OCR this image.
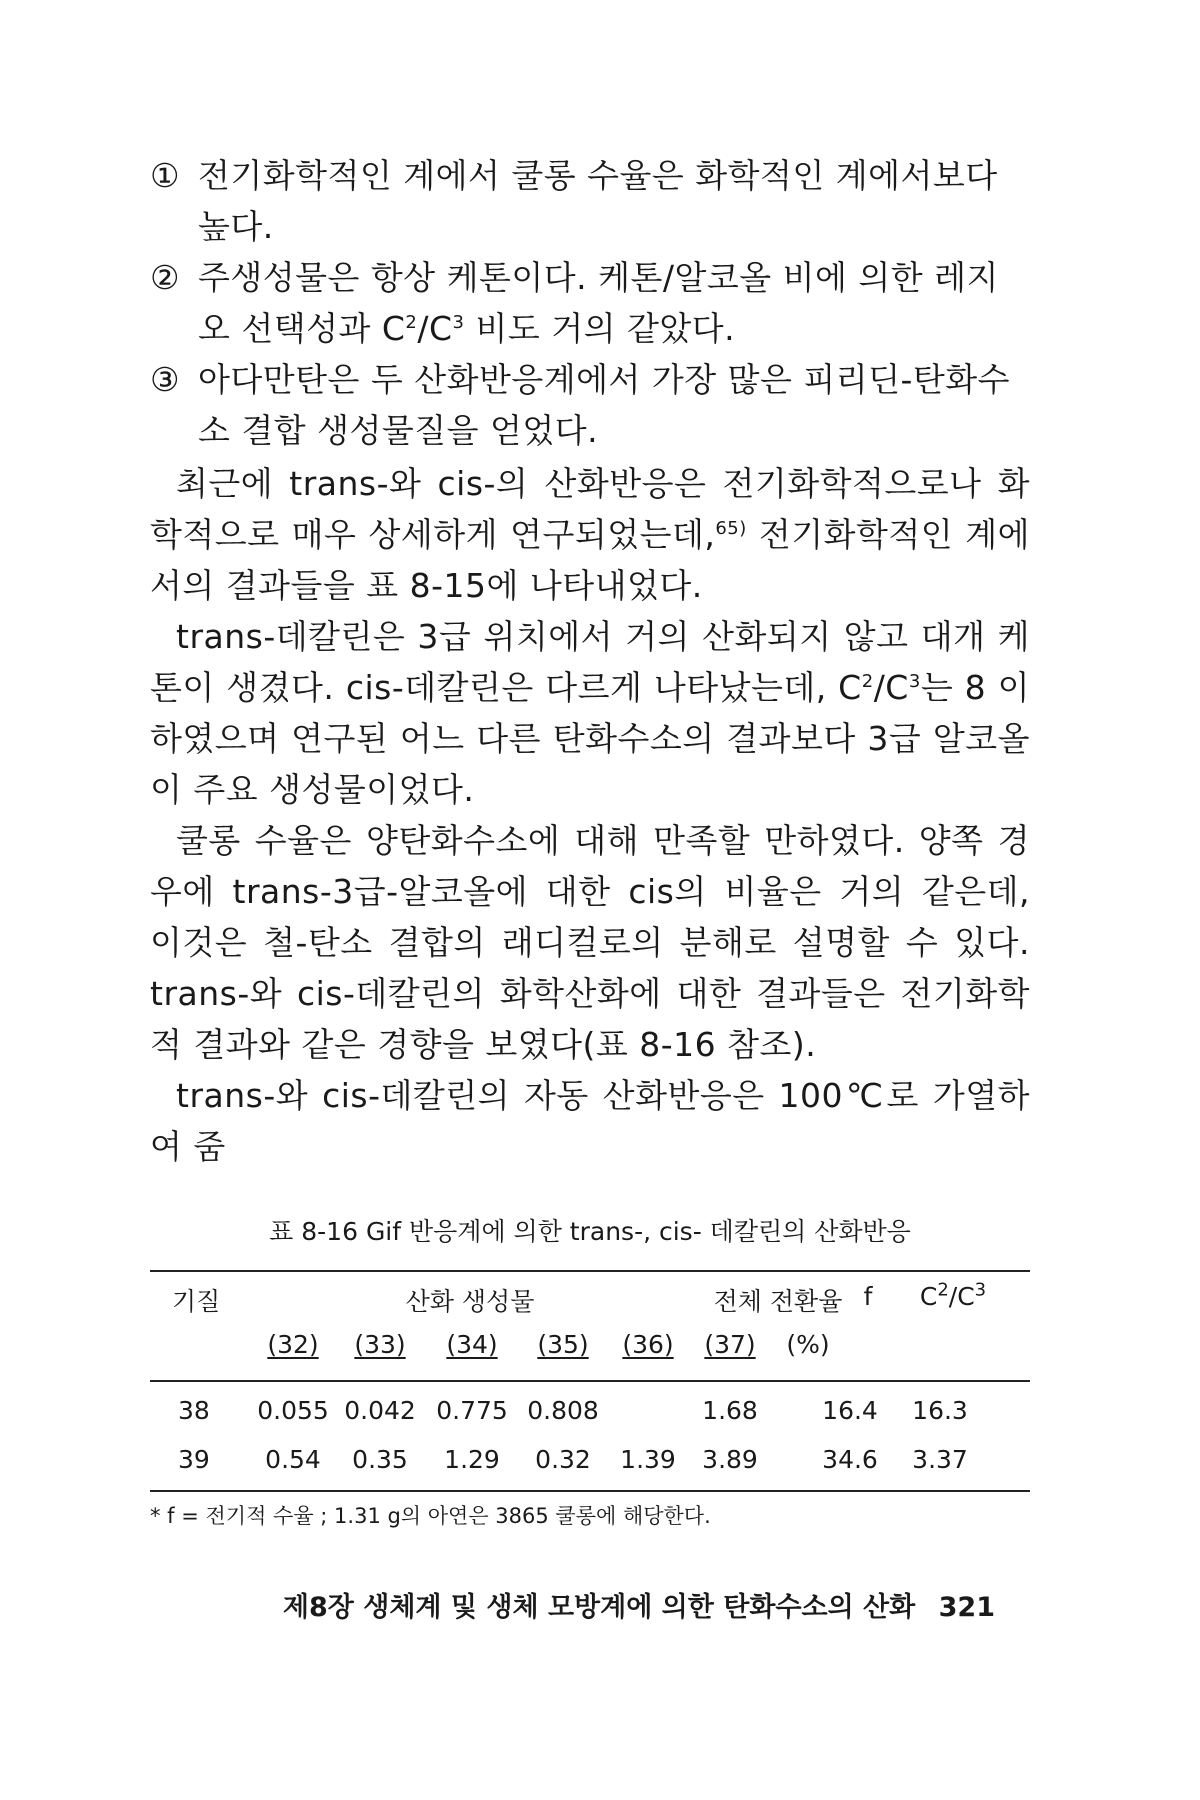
① 전기화학적인 계에서 쿨롱 수율은 화학적인 계에서보다 높다.

② 주생성물은 항상 케톤이다. 케톤/알코올 비에 의한 레지오 선택성과 $C^2/C^3$ 비도 거의 같았다.

③ 아다만탄은 두 산화반응계에서 가장 많은 피리딘-탄화수소 결합 생성물질을 얻었다.

최근에 trans-와 cis-의 산화반응은 전기화학적으로나 화학적으로 매우 상세하게 연구되었는데,$^{65)}$ 전기화학적인 계에서의 결과들을 표 8-15에 나타내었다.

trans-데칼린은 3급 위치에서 거의 산화되지 않고 대개 케톤이 생겼다. cis-데칼린은 다르게 나타났는데, $C^2/C^3$는 8 이하였으며 연구된 어느 다른 탄화수소의 결과보다 3급 알코올이 주요 생성물이었다.

쿨롱 수율은 양탄화수소에 대해 만족할 만하였다. 양쪽 경우에 trans-3급-알코올에 대한 cis의 비율은 거의 같은데, 이것은 철-탄소 결합의 래디컬로의 분해로 설명할 수 있다. trans-와 cis-데칼린의 화학산화에 대한 결과들은 전기화학적 결과와 같은 경향을 보였다(표 8-16 참조).

trans-와 cis-데칼린의 자동 산화반응은 100℃로 가열하여 줌

표 8-16 Gif 반응계에 의한 trans-, cis- 데칼린의 산화반응
기질	산화 생성물	전체 전환율 f $C^2/C^3$
(32) (33) (34) (35) (36) (37) (%)
38 0.055 0.042 0.775 0.808	1.68	16.4 16.3
39 0.54 0.35 1.29 0.32 1.39 3.89	34.6 3.37
* f = 전기적 수율 ; 1.31 g의 아연은 3865 쿨롱에 해당한다.
제8장 생체계 및 생체 모방계에 의한 탄화수소의 산화 321
